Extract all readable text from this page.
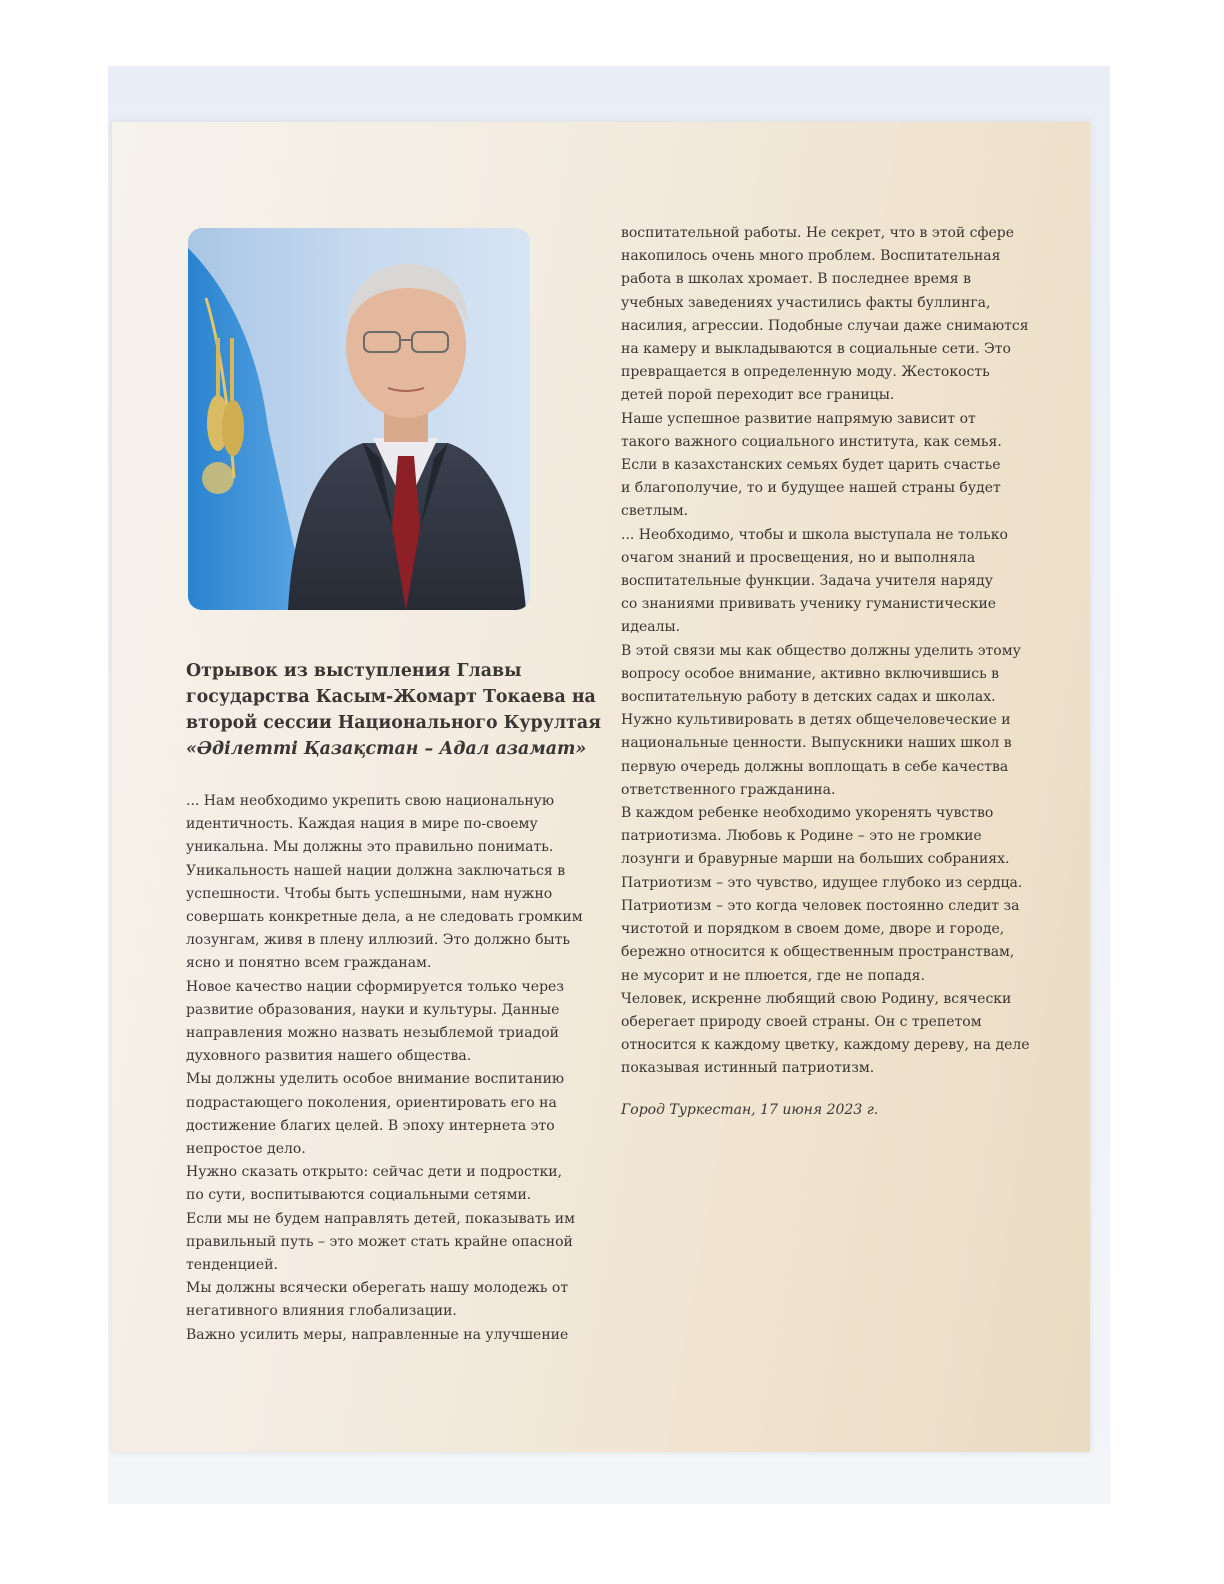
Отрывок из выступления Главы
государства Касым-Жомарт Токаева на
второй сессии Национального Курултая
«Әділетті Қазақстан – Адал азамат»
... Нам необходимо укрепить свою национальную
идентичность. Каждая нация в мире по-своему
уникальна. Мы должны это правильно понимать.
Уникальность нашей нации должна заключаться в
успешности. Чтобы быть успешными, нам нужно
совершать конкретные дела, а не следовать громким
лозунгам, живя в плену иллюзий. Это должно быть
ясно и понятно всем гражданам.
Новое качество нации сформируется только через
развитие образования, науки и культуры. Данные
направления можно назвать незыблемой триадой
духовного развития нашего общества.
Мы должны уделить особое внимание воспитанию
подрастающего поколения, ориентировать его на
достижение благих целей. В эпоху интернета это
непростое дело.
Нужно сказать открыто: сейчас дети и подростки,
по сути, воспитываются социальными сетями.
Если мы не будем направлять детей, показывать им
правильный путь – это может стать крайне опасной
тенденцией.
Мы должны всячески оберегать нашу молодежь от
негативного влияния глобализации.
Важно усилить меры, направленные на улучшение
воспитательной работы. Не секрет, что в этой сфере
накопилось очень много проблем. Воспитательная
работа в школах хромает. В последнее время в
учебных заведениях участились факты буллинга,
насилия, агрессии. Подобные случаи даже снимаются
на камеру и выкладываются в социальные сети. Это
превращается в определенную моду. Жестокость
детей порой переходит все границы.
Наше успешное развитие напрямую зависит от
такого важного социального института, как семья.
Если в казахстанских семьях будет царить счастье
и благополучие, то и будущее нашей страны будет
светлым.
... Необходимо, чтобы и школа выступала не только
очагом знаний и просвещения, но и выполняла
воспитательные функции. Задача учителя наряду
со знаниями прививать ученику гуманистические
идеалы.
В этой связи мы как общество должны уделить этому
вопросу особое внимание, активно включившись в
воспитательную работу в детских садах и школах.
Нужно культивировать в детях общечеловеческие и
национальные ценности. Выпускники наших школ в
первую очередь должны воплощать в себе качества
ответственного гражданина.
В каждом ребенке необходимо укоренять чувство
патриотизма. Любовь к Родине – это не громкие
лозунги и бравурные марши на больших собраниях.
Патриотизм – это чувство, идущее глубоко из сердца.
Патриотизм – это когда человек постоянно следит за
чистотой и порядком в своем доме, дворе и городе,
бережно относится к общественным пространствам,
не мусорит и не плюется, где не попадя.
Человек, искренне любящий свою Родину, всячески
оберегает природу своей страны. Он с трепетом
относится к каждому цветку, каждому дереву, на деле
показывая истинный патриотизм.
Город Туркестан, 17 июня 2023 г.
